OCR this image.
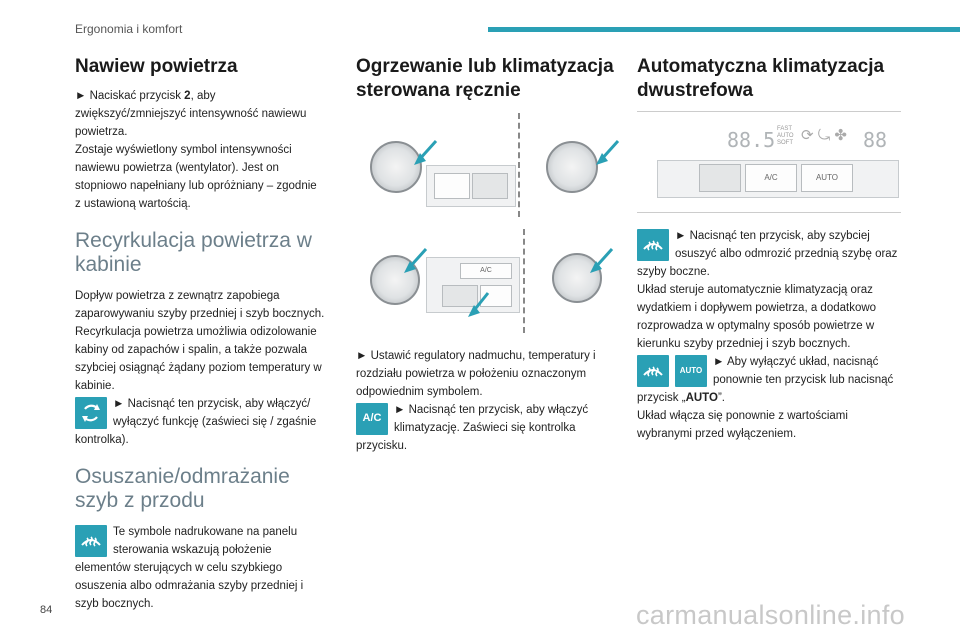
Ergonomia i komfort
Nawiew powietrza

► Naciskać przycisk 2, aby zwiększyć/zmniejszyć intensywność nawiewu powietrza.

Zostaje wyświetlony symbol intensywności nawiewu powietrza (wentylator). Jest on stopniowo napełniany lub opróżniany – zgodnie z ustawioną wartością.

Recyrkulacja powietrza w kabinie

Dopływ powietrza z zewnątrz zapobiega zaparowywaniu szyby przedniej i szyb bocznych. Recyrkulacja powietrza umożliwia odizolowanie kabiny od zapachów i spalin, a także pozwala szybciej osiągnąć żądany poziom temperatury w kabinie.

► Nacisnąć ten przycisk, aby włączyć/ wyłączyć funkcję (zaświeci się / zgaśnie kontrolka).

Osuszanie/odmrażanie szyb z przodu

Te symbole nadrukowane na panelu sterowania wskazują położenie elementów sterujących w celu szybkiego osuszenia albo odmrażania szyby przedniej i szyb bocznych.

Ogrzewanie lub klimatyzacja sterowana ręcznie
A/C

► Ustawić regulatory nadmuchu, temperatury i rozdziału powietrza w położeniu oznaczonym odpowiednim symbolem.

A/C

► Nacisnąć ten przycisk, aby włączyć klimatyzację. Zaświeci się kontrolka przycisku.

Automatyczna klimatyzacja dwustrefowa
88.5 FAST
AUTO
SOFT ⟳ ⤿ ✤ 88
A/C	AUTO

► Nacisnąć ten przycisk, aby szybciej osuszyć albo odmrozić przednią szybę oraz szyby boczne.

Układ steruje automatycznie klimatyzacją oraz wydatkiem i dopływem powietrza, a dodatkowo rozprowadza w optymalny sposób powietrze w kierunku szyby przedniej i szyb bocznych.

AUTO

► Aby wyłączyć układ, nacisnąć ponownie ten przycisk lub nacisnąć przycisk „AUTO”.

Układ włącza się ponownie z wartościami wybranymi przed wyłączeniem.

84	carmanualsonline.info
